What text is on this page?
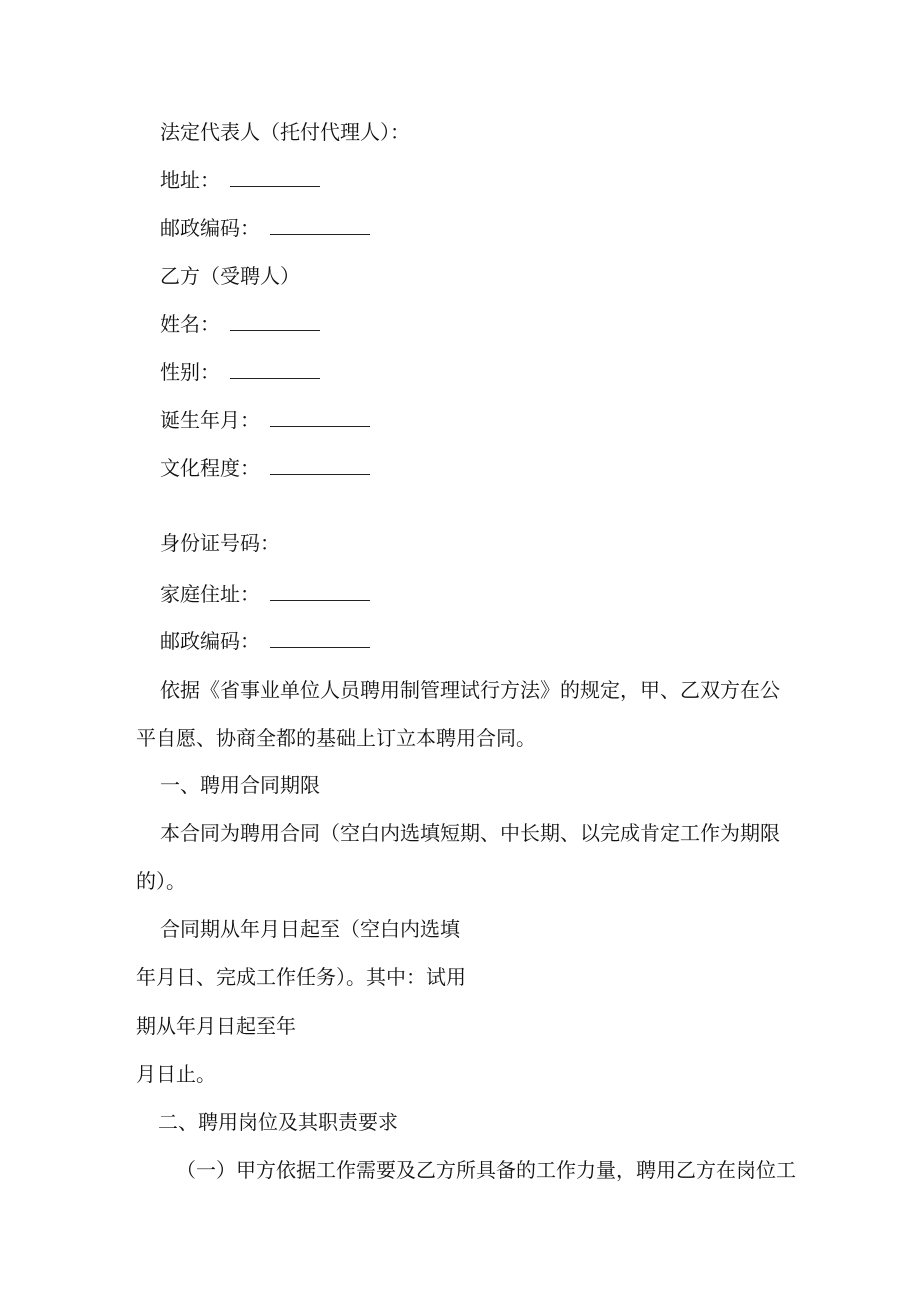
法定代表人（托付代理人）：
地址：
邮政编码：
乙方（受聘人）
姓名：
性别：
诞生年月：
文化程度：
身份证号码：
家庭住址：
邮政编码：
依据《省事业单位人员聘用制管理试行方法》的规定，甲、乙双方在公
平自愿、协商全都的基础上订立本聘用合同。
一、聘用合同期限
本合同为聘用合同（空白内选填短期、中长期、以完成肯定工作为期限
的）。
合同期从年月日起至（空白内选填
年月日、完成工作任务）。其中：试用
期从年月日起至年
月日止。
二、聘用岗位及其职责要求
（一）甲方依据工作需要及乙方所具备的工作力量，聘用乙方在岗位工
